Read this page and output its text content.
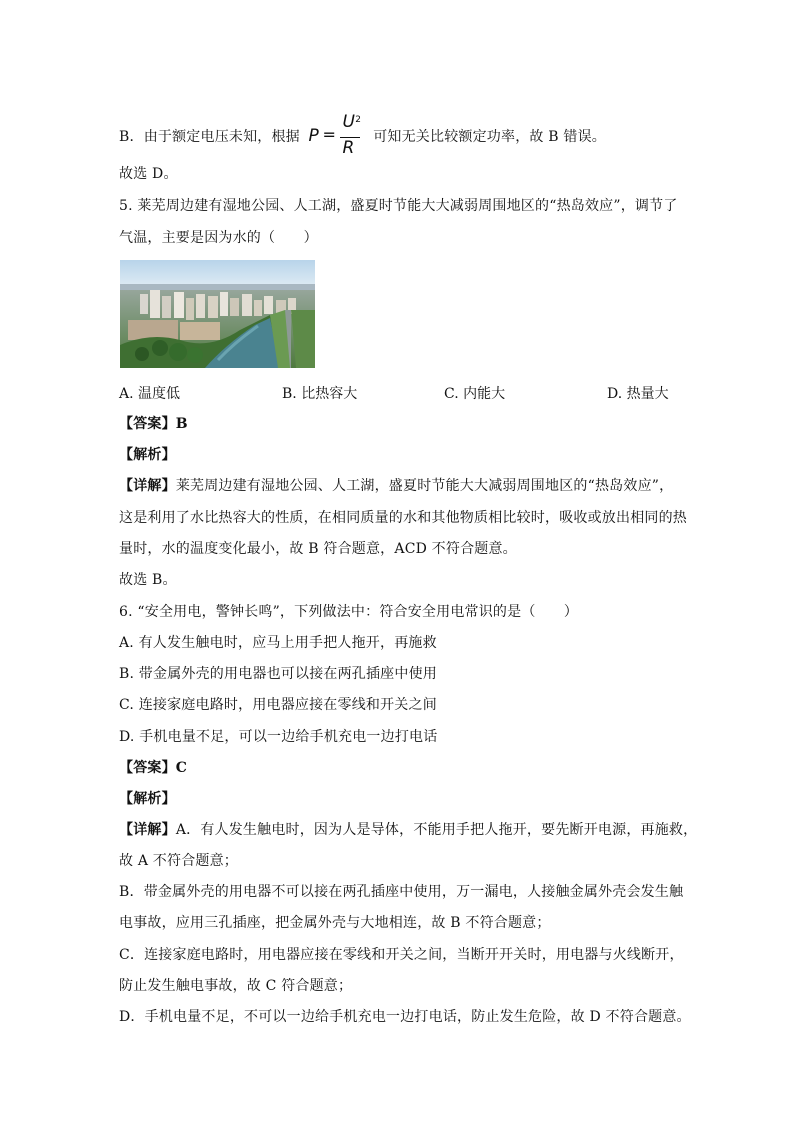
B．由于额定电压未知，根据 P =
$U^2$
R
可知无关比较额定功率，故 B 错误。
故选 D。
5. 莱芜周边建有湿地公园、人工湖，盛夏时节能大大减弱周围地区的“热岛效应”，调节了
气温，主要是因为水的（　　）
A. 温度低	B. 比热容大	C. 内能大	D. 热量大
【答案】B
【解析】
【详解】莱芜周边建有湿地公园、人工湖，盛夏时节能大大减弱周围地区的“热岛效应”，
这是利用了水比热容大的性质，在相同质量的水和其他物质相比较时，吸收或放出相同的热
量时，水的温度变化最小，故 B 符合题意，ACD 不符合题意。
故选 B。
6. “安全用电，警钟长鸣”，下列做法中：符合安全用电常识的是（　　）
A. 有人发生触电时，应马上用手把人拖开，再施救
B. 带金属外壳的用电器也可以接在两孔插座中使用
C. 连接家庭电路时，用电器应接在零线和开关之间
D. 手机电量不足，可以一边给手机充电一边打电话
【答案】C
【解析】
【详解】A．有人发生触电时，因为人是导体，不能用手把人拖开，要先断开电源，再施救，
故 A 不符合题意；
B．带金属外壳的用电器不可以接在两孔插座中使用，万一漏电，人接触金属外壳会发生触
电事故，应用三孔插座，把金属外壳与大地相连，故 B 不符合题意；
C．连接家庭电路时，用电器应接在零线和开关之间，当断开开关时，用电器与火线断开，
防止发生触电事故，故 C 符合题意；
D．手机电量不足，不可以一边给手机充电一边打电话，防止发生危险，故 D 不符合题意。
